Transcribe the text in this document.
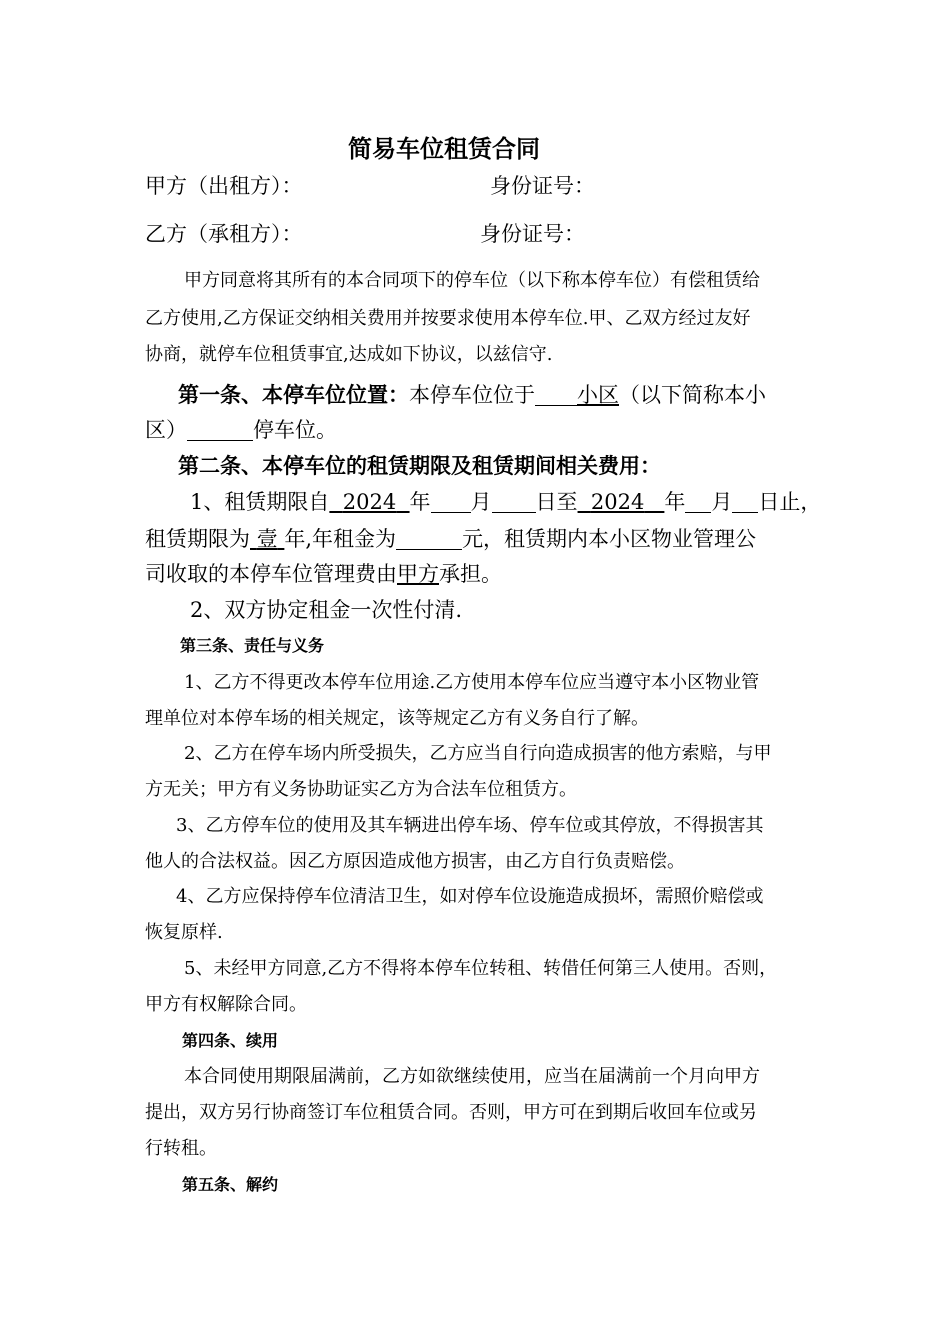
简易车位租赁合同
甲方（出租方）：	身份证号：
乙方（承租方）：	身份证号：
甲方同意将其所有的本合同项下的停车位（以下称本停车位）有偿租赁给
乙方使用,乙方保证交纳相关费用并按要求使用本停车位.甲、乙双方经过友好
协商，就停车位租赁事宜,达成如下协议，以兹信守.
第一条、本停车位位置：本停车位位于 小区（以下简称本小
区）	停车位。
第二条、本停车位的租赁期限及租赁期间相关费用：
1、租赁期限自 2024 年 月 日至 2024 年 月 日止，
租赁期限为 壹 年,年租金为	元，租赁期内本小区物业管理公
司收取的本停车位管理费由甲方承担。
2、双方协定租金一次性付清.
第三条、责任与义务
1、乙方不得更改本停车位用途.乙方使用本停车位应当遵守本小区物业管
理单位对本停车场的相关规定，该等规定乙方有义务自行了解。
2、乙方在停车场内所受损失，乙方应当自行向造成损害的他方索赔，与甲
方无关；甲方有义务协助证实乙方为合法车位租赁方。
3、乙方停车位的使用及其车辆进出停车场、停车位或其停放，不得损害其
他人的合法权益。因乙方原因造成他方损害，由乙方自行负责赔偿。
4、乙方应保持停车位清洁卫生，如对停车位设施造成损坏，需照价赔偿或
恢复原样.
5、未经甲方同意,乙方不得将本停车位转租、转借任何第三人使用。否则，
甲方有权解除合同。
第四条、续用
本合同使用期限届满前，乙方如欲继续使用，应当在届满前一个月向甲方
提出，双方另行协商签订车位租赁合同。否则，甲方可在到期后收回车位或另
行转租。
第五条、解约
